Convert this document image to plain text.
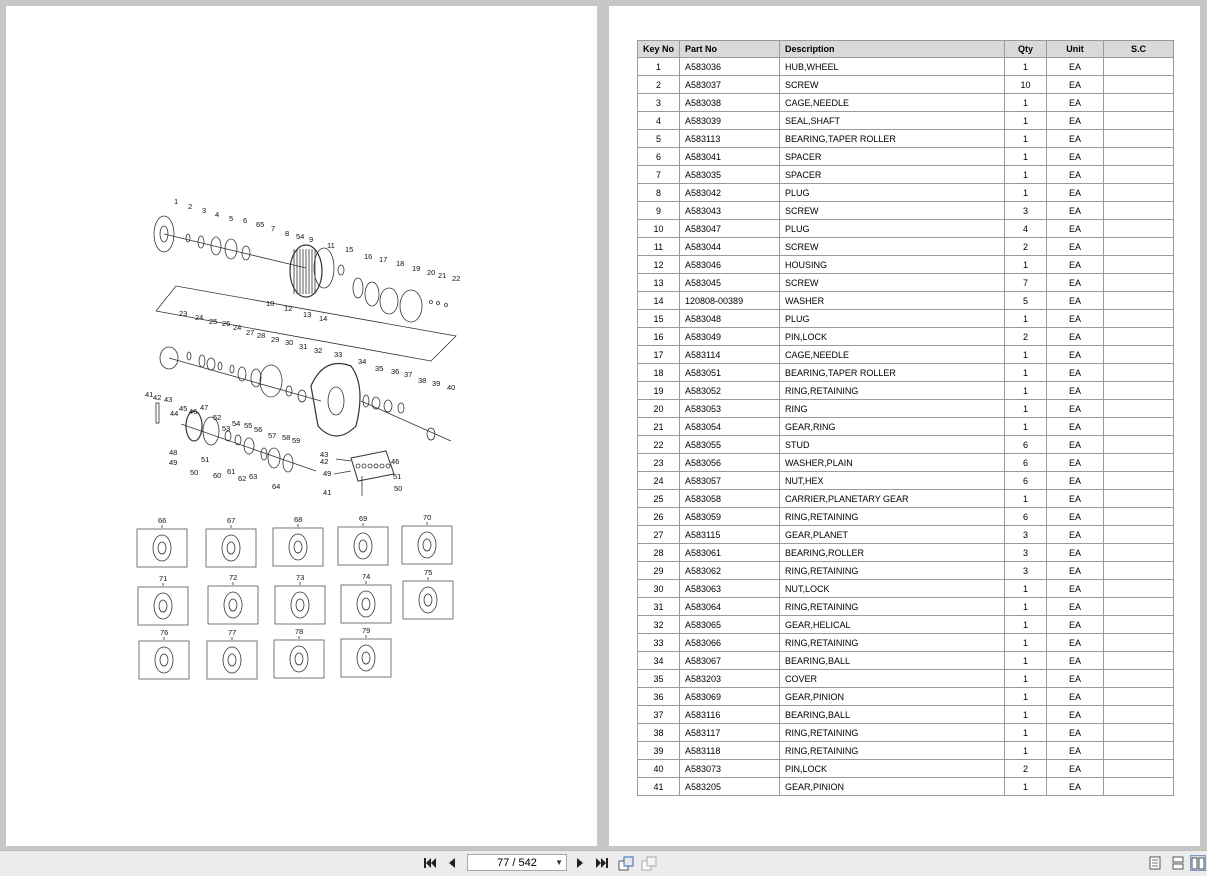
1
2 3 4 5 6 65 7
8 54 9
11 15
16 17 18
19 20 21 22
10
12
13 14
23 24 25 26 24
27 28 29 30 31 32 33
34
35 36 37
38 39 40
41 42 43
44
45 46 47
52
53
54 55 56
57 58 59
48
49	51
50 60 61
62 63
64
43
42	46
49	51
50
41
66	67	68	69	70
71	72	73	74	75
76	77	78	79
Key No	Part No	Description	Qty	Unit	S.C
1	A583036	HUB,WHEEL	1	EA	
2	A583037	SCREW	10	EA	
3	A583038	CAGE,NEEDLE	1	EA	
4	A583039	SEAL,SHAFT	1	EA	
5	A583113	BEARING,TAPER ROLLER	1	EA	
6	A583041	SPACER	1	EA	
7	A583035	SPACER	1	EA	
8	A583042	PLUG	1	EA	
9	A583043	SCREW	3	EA	
10	A583047	PLUG	4	EA	
11	A583044	SCREW	2	EA	
12	A583046	HOUSING	1	EA	
13	A583045	SCREW	7	EA	
14	120808-00389	WASHER	5	EA	
15	A583048	PLUG	1	EA	
16	A583049	PIN,LOCK	2	EA	
17	A583114	CAGE,NEEDLE	1	EA	
18	A583051	BEARING,TAPER ROLLER	1	EA	
19	A583052	RING,RETAINING	1	EA	
20	A583053	RING	1	EA	
21	A583054	GEAR,RING	1	EA	
22	A583055	STUD	6	EA	
23	A583056	WASHER,PLAIN	6	EA	
24	A583057	NUT,HEX	6	EA	
25	A583058	CARRIER,PLANETARY GEAR	1	EA	
26	A583059	RING,RETAINING	6	EA	
27	A583115	GEAR,PLANET	3	EA	
28	A583061	BEARING,ROLLER	3	EA	
29	A583062	RING,RETAINING	3	EA	
30	A583063	NUT,LOCK	1	EA	
31	A583064	RING,RETAINING	1	EA	
32	A583065	GEAR,HELICAL	1	EA	
33	A583066	RING,RETAINING	1	EA	
34	A583067	BEARING,BALL	1	EA	
35	A583203	COVER	1	EA	
36	A583069	GEAR,PINION	1	EA	
37	A583116	BEARING,BALL	1	EA	
38	A583117	RING,RETAINING	1	EA	
39	A583118	RING,RETAINING	1	EA	
40	A583073	PIN,LOCK	2	EA	
41	A583205	GEAR,PINION	1	EA	
77 / 542 ▼
